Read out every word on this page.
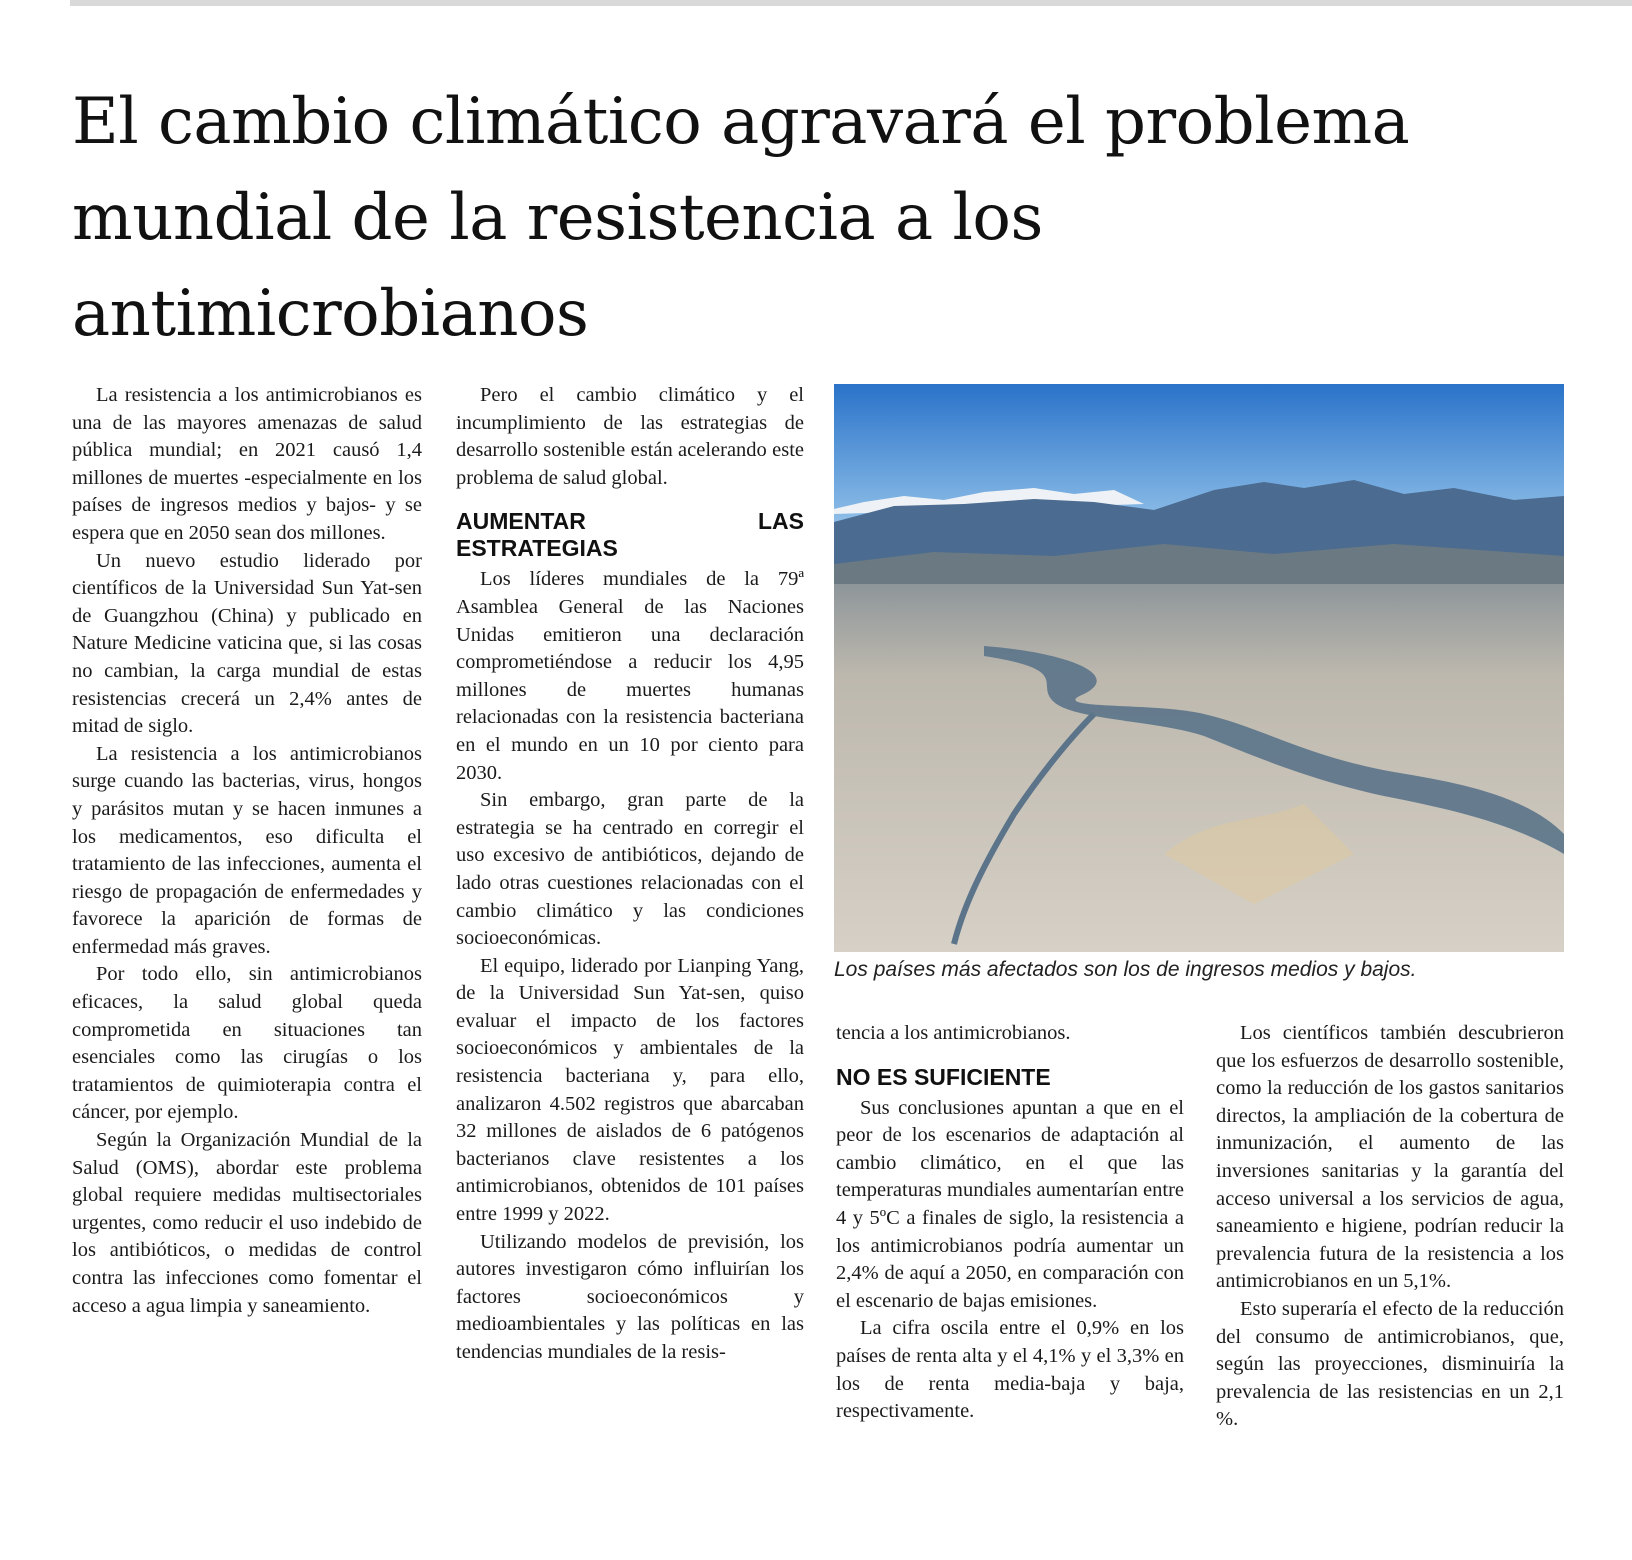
El cambio climático agravará el problema mundial de la resistencia a los antimicrobianos

La resistencia a los antimicrobianos es una de las mayores amenazas de salud pública mundial; en 2021 causó 1,4 millones de muertes -especialmente en los países de ingresos medios y bajos- y se espera que en 2050 sean dos millones.

Un nuevo estudio liderado por científicos de la Universidad Sun Yat-sen de Guangzhou (China) y publicado en Nature Medicine vaticina que, si las cosas no cambian, la carga mundial de estas resistencias crecerá un 2,4% antes de mitad de siglo.

La resistencia a los antimicrobianos surge cuando las bacterias, virus, hongos y parásitos mutan y se hacen inmunes a los medicamentos, eso dificulta el tratamiento de las infecciones, aumenta el riesgo de propagación de enfermedades y favorece la aparición de formas de enfermedad más graves.

Por todo ello, sin antimicrobianos eficaces, la salud global queda comprometida en situaciones tan esenciales como las cirugías o los tratamientos de quimioterapia contra el cáncer, por ejemplo.

Según la Organización Mundial de la Salud (OMS), abordar este problema global requiere medidas multisectoriales urgentes, como reducir el uso indebido de los antibióticos, o medidas de control contra las infecciones como fomentar el acceso a agua limpia y saneamiento.

Pero el cambio climático y el incumplimiento de las estrategias de desarrollo sostenible están acelerando este problema de salud global.

AUMENTAR LAS ESTRATEGIAS

Los líderes mundiales de la 79ª Asamblea General de las Naciones Unidas emitieron una declaración comprometiéndose a reducir los 4,95 millones de muertes humanas relacionadas con la resistencia bacteriana en el mundo en un 10 por ciento para 2030.

Sin embargo, gran parte de la estrategia se ha centrado en corregir el uso excesivo de antibióticos, dejando de lado otras cuestiones relacionadas con el cambio climático y las condiciones socioeconómicas.

El equipo, liderado por Lianping Yang, de la Universidad Sun Yat-sen, quiso evaluar el impacto de los factores socioeconómicos y ambientales de la resistencia bacteriana y, para ello, analizaron 4.502 registros que abarcaban 32 millones de aislados de 6 patógenos bacterianos clave resistentes a los antimicrobianos, obtenidos de 101 países entre 1999 y 2022.

Utilizando modelos de previsión, los autores investigaron cómo influirían los factores socioeconómicos y medioambientales y las políticas en las tendencias mundiales de la resis-

Los países más afectados son los de ingresos medios y bajos.

tencia a los antimicrobianos.

NO ES SUFICIENTE

Sus conclusiones apuntan a que en el peor de los escenarios de adaptación al cambio climático, en el que las temperaturas mundiales aumentarían entre 4 y 5ºC a finales de siglo, la resistencia a los antimicrobianos podría aumentar un 2,4% de aquí a 2050, en comparación con el escenario de bajas emisiones.

La cifra oscila entre el 0,9% en los países de renta alta y el 4,1% y el 3,3% en los de renta media-baja y baja, respectivamente.

Los científicos también descubrieron que los esfuerzos de desarrollo sostenible, como la reducción de los gastos sanitarios directos, la ampliación de la cobertura de inmunización, el aumento de las inversiones sanitarias y la garantía del acceso universal a los servicios de agua, saneamiento e higiene, podrían reducir la prevalencia futura de la resistencia a los antimicrobianos en un 5,1%.

Esto superaría el efecto de la reducción del consumo de antimicrobianos, que, según las proyecciones, disminuiría la prevalencia de las resistencias en un 2,1 %.
